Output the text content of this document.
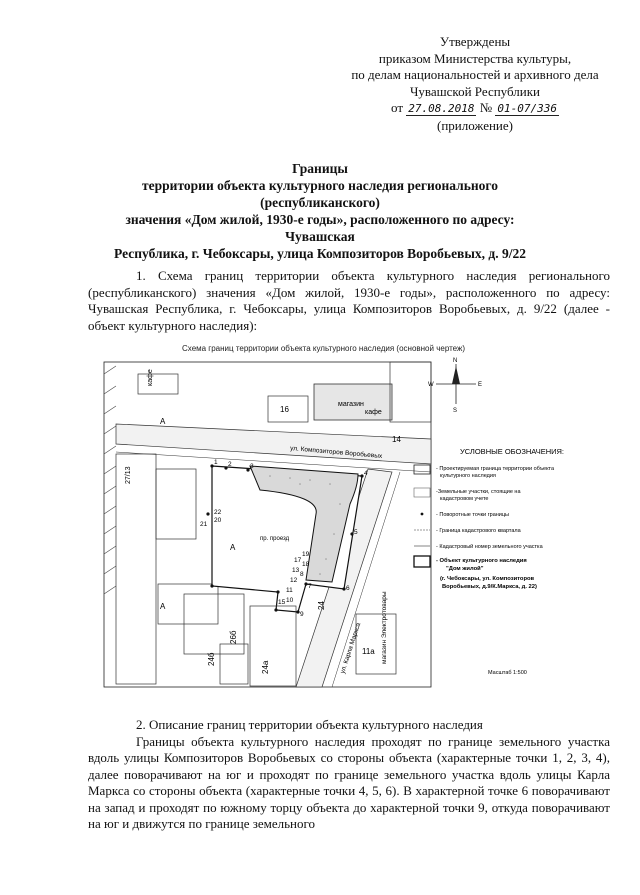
Утверждены
приказом Министерства культуры,
по делам национальностей и архивного дела
Чувашской Республики
от 27.08.2018 № 01-07/336
(приложение)
Границы
территории объекта культурного наследия регионального (республиканского)
значения «Дом жилой, 1930-е годы», расположенного по адресу: Чувашская
Республика, г. Чебоксары, улица Композиторов Воробьевых, д. 9/22
1. Схема границ территории объекта культурного наследия регионального (республиканского) значения «Дом жилой, 1930-е годы», расположенного по адресу: Чувашская Республика, г. Чебоксары, улица Композиторов Воробьевых, д. 9/22 (далее - объект культурного наследия):
Схема границ территории объекта культурного наследия (основной чертеж)
кафе
магазин
кафе
16
14
ул. Композиторов Воробьевых
27/13
ул. Карла Маркса	магазин Электротовары
пр. проезд
А
А
А	24
24а
24б
26б
11а
1 2	3
4
5
6
7
8
9
10
11
12
13
15
17
18
19
20
21
22
N
S
E
W
УСЛОВНЫЕ ОБОЗНАЧЕНИЯ:
- Проектируемая граница территории объекта
культурного наследия
-Земельные участки, стоящие на
кадастровом учете
- Поворотные точки границы
- Граница кадастрового квартала
- Кадастровый номер земельного участка
- Объект культурного наследия
"Дом жилой"
(г. Чебоксары, ул. Композиторов
Воробьевых, д.9/К.Маркса, д. 22)
Масштаб 1:500
2. Описание границ территории объекта культурного наследия
Границы объекта культурного наследия проходят по границе земельного участка вдоль улицы Композиторов Воробьевых со стороны объекта (характерные точки 1, 2, 3, 4), далее поворачивают на юг и проходят по границе земельного участка вдоль улицы Карла Маркса со стороны объекта (характерные точки 4, 5, 6). В характерной точке 6 поворачивают на запад и проходят по южному торцу объекта до характерной точки 9, откуда поворачивают на юг и движутся по границе земельного
